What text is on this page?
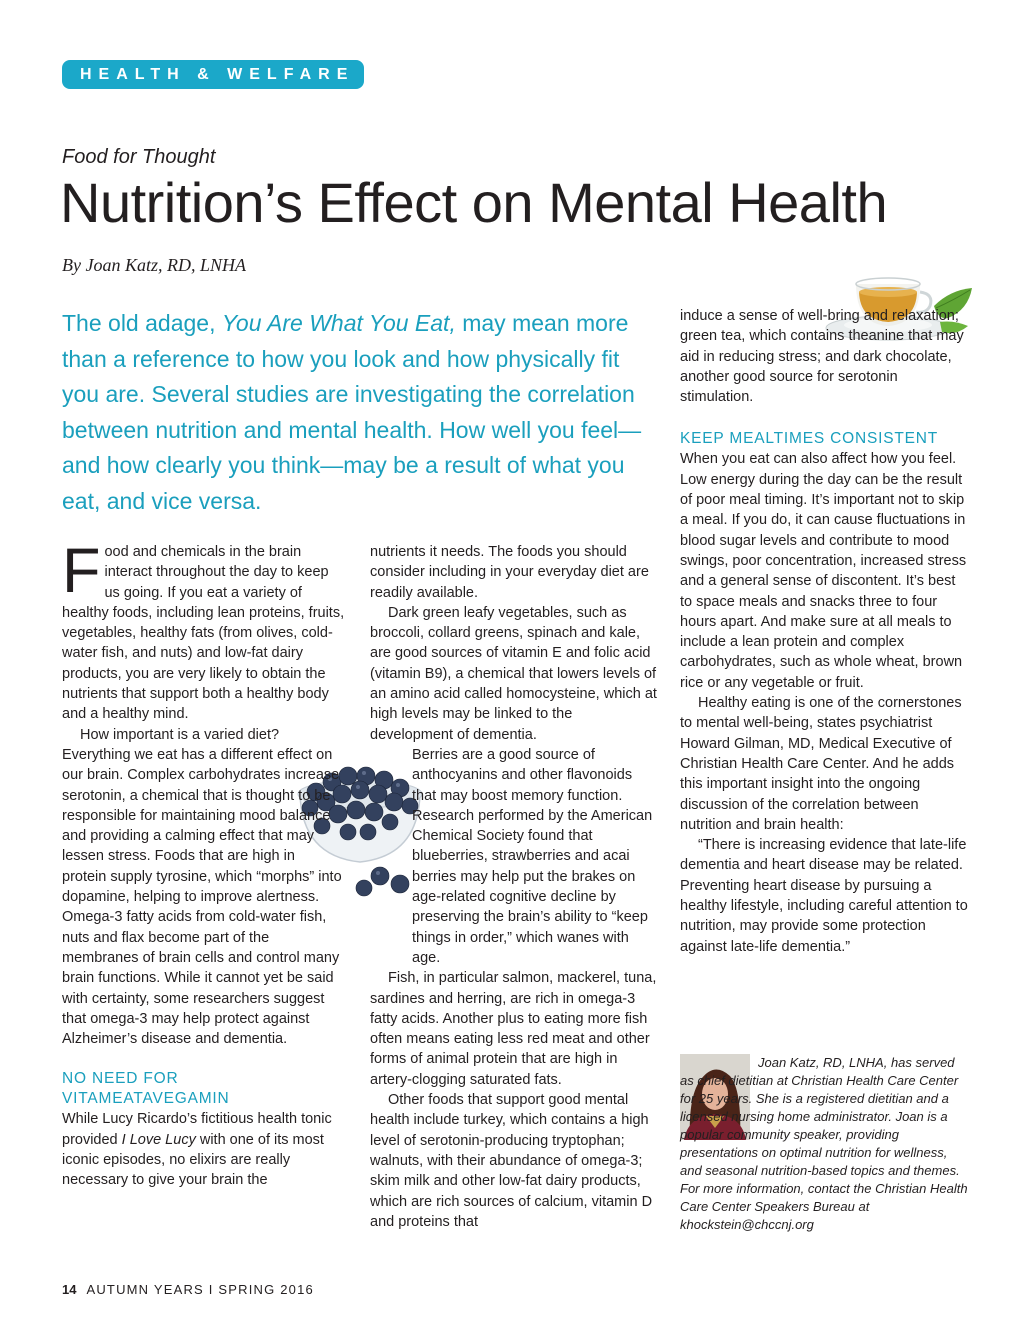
HEALTH & WELFARE
Food for Thought
Nutrition’s Effect on Mental Health
By Joan Katz, RD, LNHA
The old adage, You Are What You Eat, may mean more than a reference to how you look and how physically fit you are. Several studies are investigating the correlation between nutrition and mental health. How well you feel—and how clearly you think—may be a result of what you eat, and vice versa.

Food and chemicals in the brain interact throughout the day to keep us going. If you eat a variety of healthy foods, including lean proteins, fruits, vegetables, healthy fats (from olives, cold-water fish, and nuts) and low-fat dairy products, you are very likely to obtain the nutrients that support both a healthy body and a healthy mind.

How important is a varied diet? Everything we eat has a different effect on our brain. Complex carbohydrates increase serotonin, a chemical that is thought to be responsible for maintaining mood balance and providing a calming effect that may lessen stress. Foods that are high in protein supply tyrosine, which “morphs” into dopamine, helping to improve alertness. Omega-3 fatty acids from cold-water fish, nuts and flax become part of the membranes of brain cells and control many brain functions. While it cannot yet be said with certainty, some researchers suggest that omega-3 may help protect against Alzheimer’s disease and dementia.

NO NEED FOR
VITAMEATAVEGAMIN

While Lucy Ricardo’s fictitious health tonic provided I Love Lucy with one of its most iconic episodes, no elixirs are really necessary to give your brain the

nutrients it needs. The foods you should consider including in your everyday diet are readily available.

Dark green leafy vegetables, such as broccoli, collard greens, spinach and kale, are good sources of vitamin E and folic acid (vitamin B9), a chemical that lowers levels of an amino acid called homocysteine, which at high levels may be linked to the development of dementia.

Berries are a good source of anthocyanins and other flavonoids that may boost memory function. Research performed by the American Chemical Society found that blueberries, strawberries and acai berries may help put the brakes on age-related cognitive decline by preserving the brain’s ability to “keep things in order,” which wanes with age.

Fish, in particular salmon, mackerel, tuna, sardines and herring, are rich in omega-3 fatty acids. Another plus to eating more fish often means eating less red meat and other forms of animal protein that are high in artery-clogging saturated fats.

Other foods that support good mental health include turkey, which contains a high level of serotonin-producing tryptophan; walnuts, with their abundance of omega-3; skim milk and other low-fat dairy products, which are rich sources of calcium, vitamin D and proteins that

induce a sense of well-bring and relaxation; green tea, which contains theanine that may aid in reducing stress; and dark chocolate, another good source for serotonin stimulation.

KEEP MEALTIMES CONSISTENT

When you eat can also affect how you feel. Low energy during the day can be the result of poor meal timing. It’s important not to skip a meal. If you do, it can cause fluctuations in blood sugar levels and contribute to mood swings, poor concentration, increased stress and a general sense of discontent. It’s best to space meals and snacks three to four hours apart. And make sure at all meals to include a lean protein and complex carbohydrates, such as whole wheat, brown rice or any vegetable or fruit.

Healthy eating is one of the cornerstones to mental well-being, states psychiatrist Howard Gilman, MD, Medical Executive of Christian Health Care Center. And he adds this important insight into the ongoing discussion of the correlation between nutrition and brain health:

“There is increasing evidence that late-life dementia and heart disease may be related. Preventing heart disease by pursuing a healthy lifestyle, including careful attention to nutrition, may provide some protection against late-life dementia.”

Joan Katz, RD, LNHA, has served as chief dietitian at Christian Health Care Center for 25 years. She is a registered dietitian and a licensed nursing home administrator. Joan is a popular community speaker, providing presentations on optimal nutrition for wellness, and seasonal nutrition-based topics and themes.

For more information, contact the Christian Health Care Center Speakers Bureau at khockstein@chccnj.org

14 AUTUMN YEARS I SPRING 2016
